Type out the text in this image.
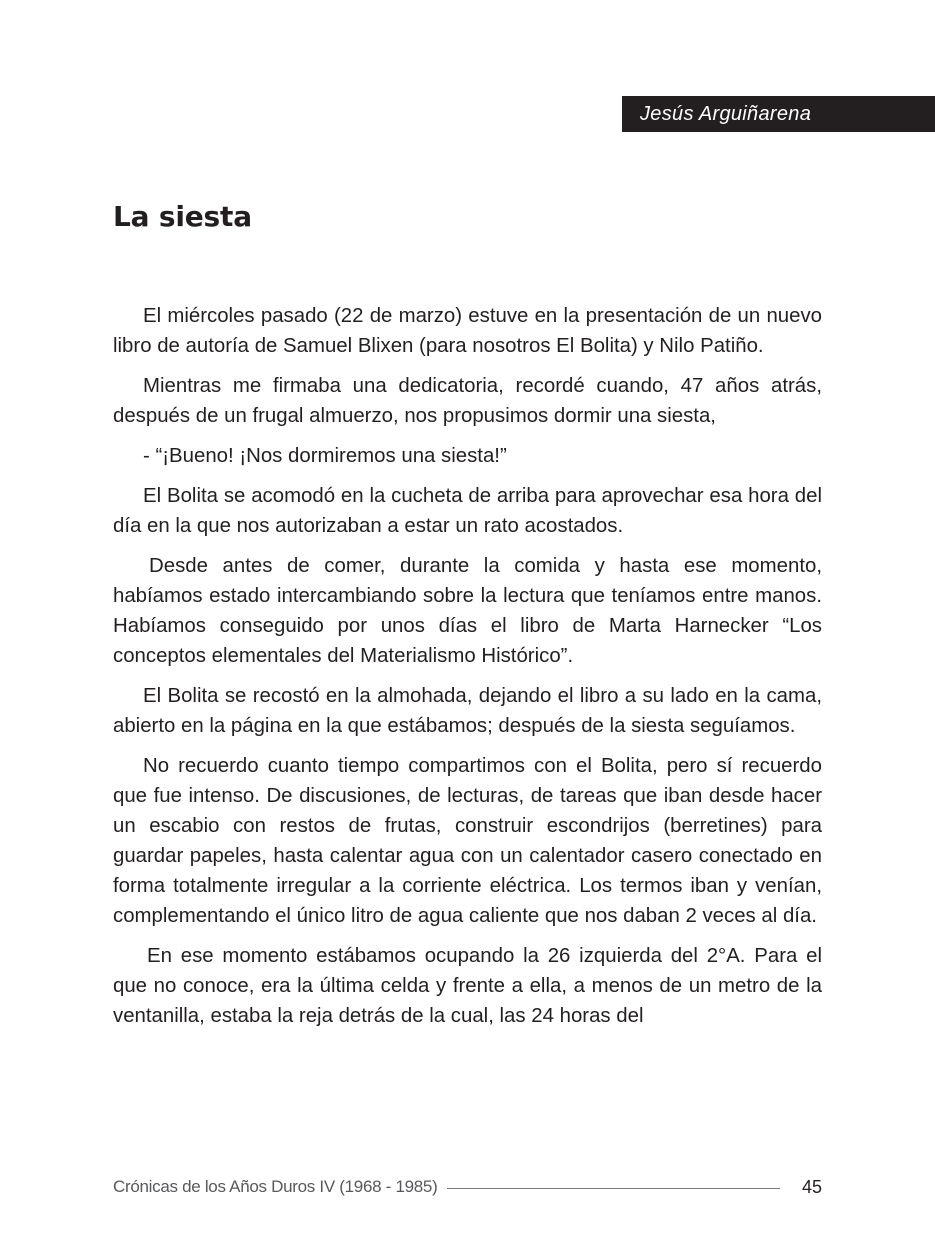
Jesús Arguiñarena
La siesta

El miércoles pasado (22 de marzo) estuve en la presentación de un nuevo libro de autoría de Samuel Blixen (para nosotros El Bolita) y Nilo Patiño.

Mientras me firmaba una dedicatoria, recordé cuando, 47 años atrás, después de un frugal almuerzo, nos propusimos dormir una siesta,

- “¡Bueno! ¡Nos dormiremos una siesta!”

El Bolita se acomodó en la cucheta de arriba para aprovechar esa hora del día en la que nos autorizaban a estar un rato acostados.

Desde antes de comer, durante la comida y hasta ese momento, habíamos estado intercambiando sobre la lectura que teníamos entre manos. Habíamos conseguido por unos días el libro de Marta Harnecker “Los conceptos elementales del Materialismo Histórico”.

El Bolita se recostó en la almohada, dejando el libro a su lado en la cama, abierto en la página en la que estábamos; después de la siesta seguíamos.

No recuerdo cuanto tiempo compartimos con el Bolita, pero sí recuerdo que fue intenso. De discusiones, de lecturas, de tareas que iban desde hacer un escabio con restos de frutas, construir escondrijos (berretines) para guardar papeles, hasta calentar agua con un calentador casero conectado en forma totalmente irregular a la corriente eléctrica. Los termos iban y venían, complementando el único litro de agua caliente que nos daban 2 veces al día.

En ese momento estábamos ocupando la 26 izquierda del 2°A. Para el que no conoce, era la última celda y frente a ella, a menos de un metro de la ventanilla, estaba la reja detrás de la cual, las 24 horas del

Crónicas de los Años Duros IV (1968 - 1985)	45
